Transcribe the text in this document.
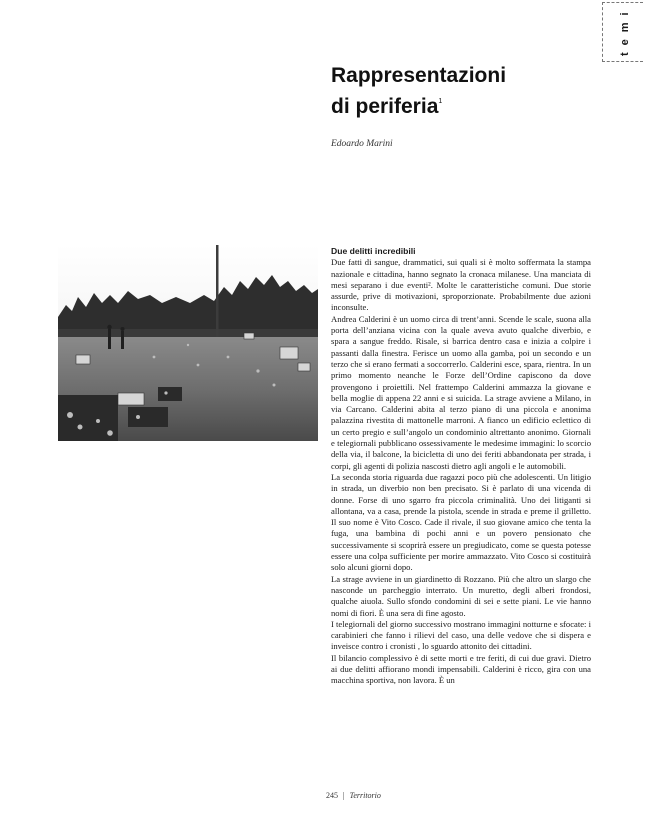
temi
Rappresentazioni
di periferia$^1$
Edoardo Marini
Due delitti incredibili

Due fatti di sangue, drammatici, sui quali si è molto soffermata la stampa nazionale e cittadina, hanno segnato la cronaca milanese. Una manciata di mesi separano i due eventi². Molte le caratteristiche comuni. Due storie assurde, prive di motivazioni, sproporzionate. Probabilmente due azioni inconsulte.

Andrea Calderini è un uomo circa di trent’anni. Scende le scale, suona alla porta dell’anziana vicina con la quale aveva avuto qualche diverbio, e spara a sangue freddo. Risale, si barrica dentro casa e inizia a colpire i passanti dalla finestra. Ferisce un uomo alla gamba, poi un secondo e un terzo che si erano fermati a soccorrerlo. Calderini esce, spara, rientra. In un primo momento neanche le Forze dell’Ordine capiscono da dove provengono i proiettili. Nel frattempo Calderini ammazza la giovane e bella moglie di appena 22 anni e si suicida. La strage avviene a Milano, in via Carcano. Calderini abita al terzo piano di una piccola e anonima palazzina rivestita di mattonelle marroni. A fianco un edificio eclettico di un certo pregio e sull’angolo un condominio altrettanto anonimo. Giornali e telegiornali pubblicano ossessivamente le medesime immagini: lo scorcio della via, il balcone, la bicicletta di uno dei feriti abbandonata per strada, i corpi, gli agenti di polizia nascosti dietro agli angoli e le automobili.

La seconda storia riguarda due ragazzi poco più che adolescenti. Un litigio in strada, un diverbio non ben precisato. Si è parlato di una vicenda di donne. Forse di uno sgarro fra piccola criminalità. Uno dei litiganti si allontana, va a casa, prende la pistola, scende in strada e preme il grilletto. Il suo nome è Vito Cosco. Cade il rivale, il suo giovane amico che tenta la fuga, una bambina di pochi anni e un povero pensionato che successivamente si scoprirà essere un pregiudicato, come se questa potesse essere una colpa sufficiente per morire ammazzato. Vito Cosco si costituirà solo alcuni giorni dopo.

La strage avviene in un giardinetto di Rozzano. Più che altro un slargo che nasconde un parcheggio interrato. Un muretto, degli alberi frondosi, qualche aiuola. Sullo sfondo condomini di sei e sette piani. Le vie hanno nomi di fiori. È una sera di fine agosto.

I telegiornali del giorno successivo mostrano immagini notturne e sfocate: i carabinieri che fanno i rilievi del caso, una delle vedove che si dispera e inveisce contro i cronisti , lo sguardo attonito dei cittadini.

Il bilancio complessivo è di sette morti e tre feriti, di cui due gravi. Dietro ai due delitti affiorano mondi impensabili. Calderini è ricco, gira con una macchina sportiva, non lavora. È un

245 | Territorio
